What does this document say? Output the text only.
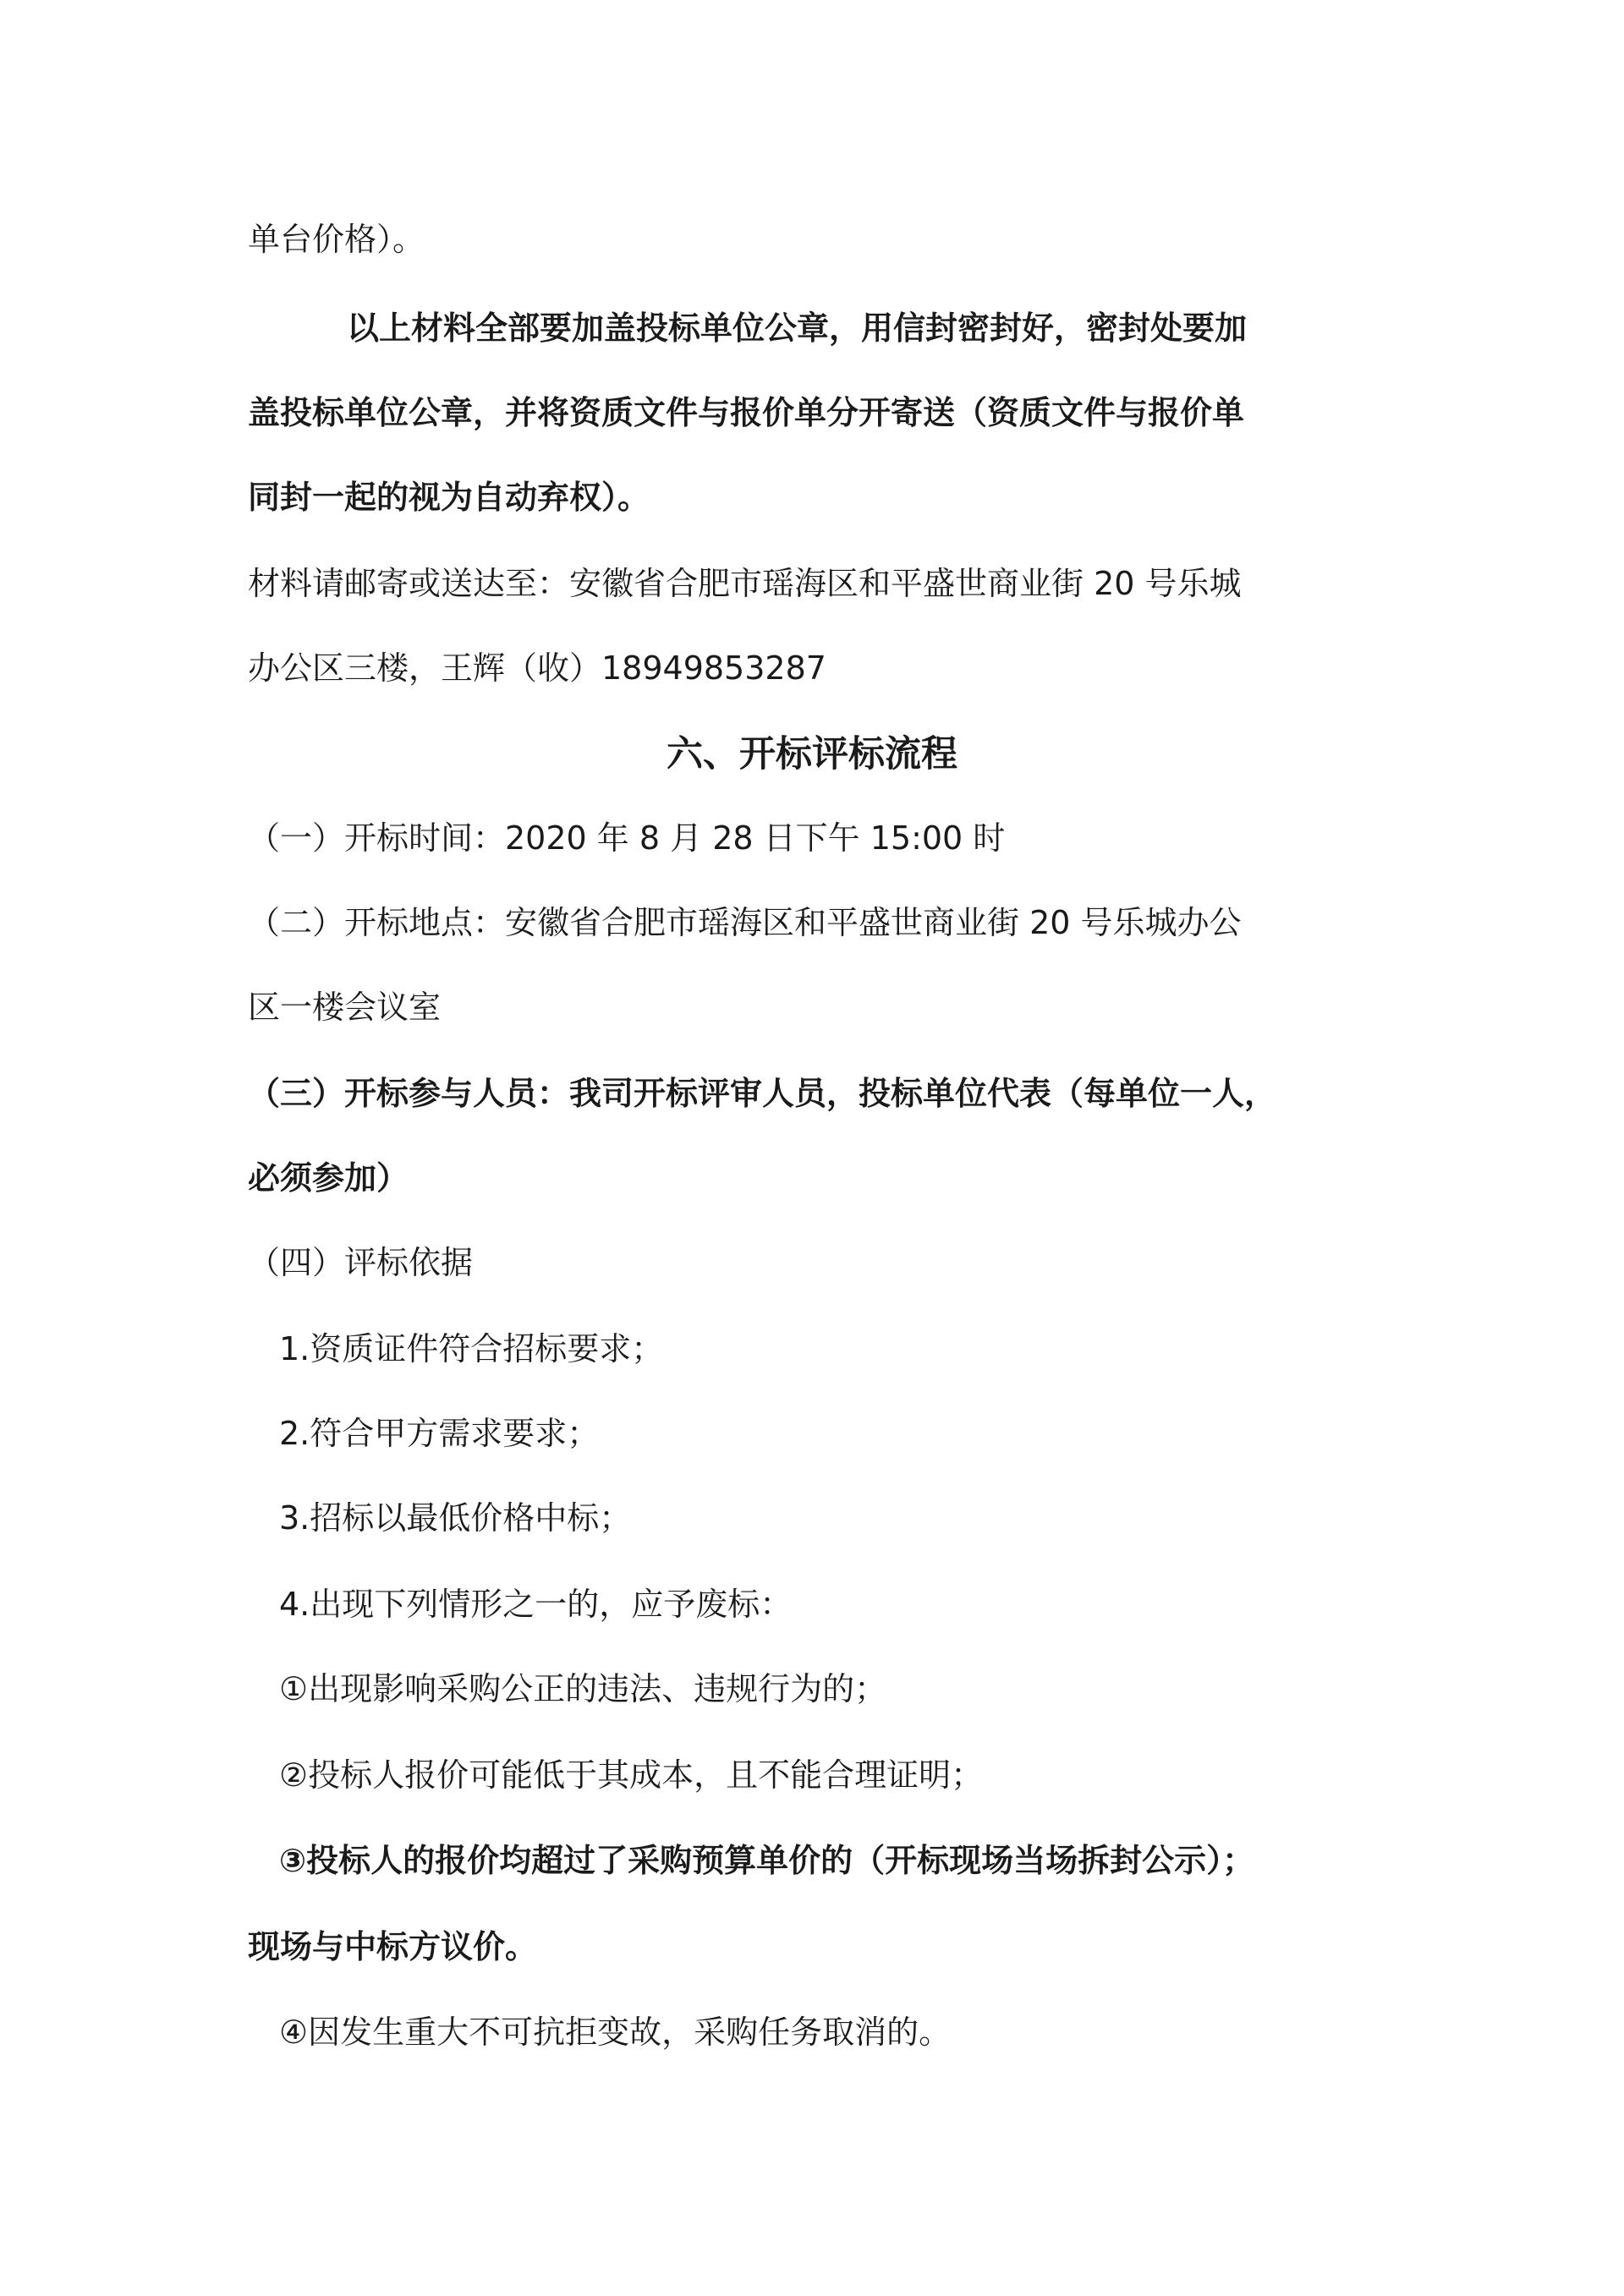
单台价格）。
以上材料全部要加盖投标单位公章，用信封密封好，密封处要加
盖投标单位公章，并将资质文件与报价单分开寄送（资质文件与报价单
同封一起的视为自动弃权）。
材料请邮寄或送达至：安徽省合肥市瑶海区和平盛世商业街 20 号乐城
办公区三楼，王辉（收）18949853287
六、开标评标流程
（一）开标时间：2020 年 8 月 28 日下午 15:00 时
（二）开标地点：安徽省合肥市瑶海区和平盛世商业街 20 号乐城办公
区一楼会议室
（三）开标参与人员：我司开标评审人员，投标单位代表（每单位一人，
必须参加）
（四）评标依据
1.资质证件符合招标要求；
2.符合甲方需求要求；
3.招标以最低价格中标；
4.出现下列情形之一的，应予废标：
①出现影响采购公正的违法、违规行为的；
②投标人报价可能低于其成本，且不能合理证明；
③投标人的报价均超过了采购预算单价的（开标现场当场拆封公示）；
现场与中标方议价。
④因发生重大不可抗拒变故，采购任务取消的。
